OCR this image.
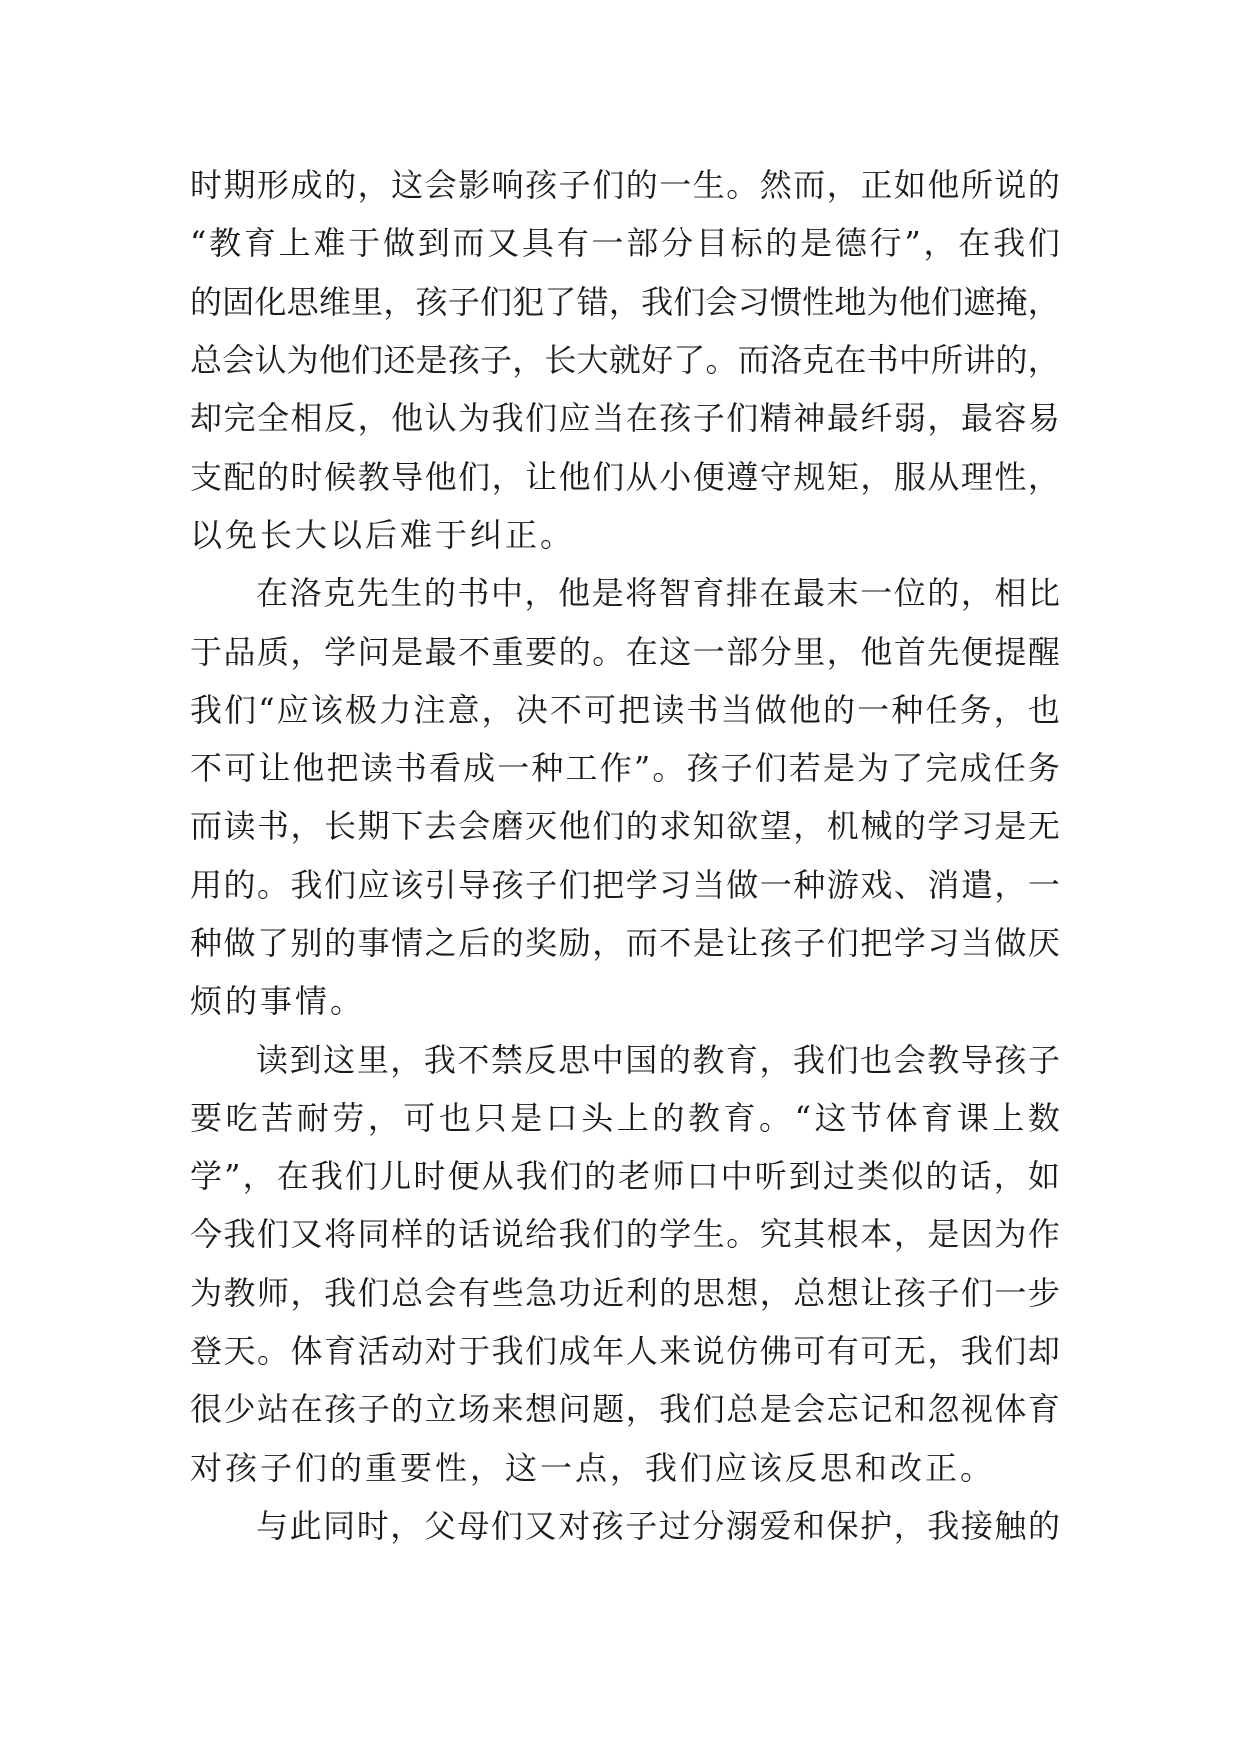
时 期 形 成 的 ， 这 会 影 响 孩 子 们 的 一 生 。 然 而 ， 正 如 他 所 说 的
“ 教 育 上 难 于 做 到 而 又 具 有 一 部 分 目 标 的 是 德 行 ” ， 在 我 们
的 固 化 思 维 里 ， 孩 子 们 犯 了 错 ， 我 们 会 习 惯 性 地 为 他 们 遮 掩 ，
总 会 认 为 他 们 还 是 孩 子 ， 长 大 就 好 了 。 而 洛 克 在 书 中 所 讲 的 ，
却 完 全 相 反 ， 他 认 为 我 们 应 当 在 孩 子 们 精 神 最 纤 弱 ， 最 容 易
支 配 的 时 候 教 导 他 们 ， 让 他 们 从 小 便 遵 守 规 矩 ， 服 从 理 性 ，
以免长大以后难于纠正。
在 洛 克 先 生 的 书 中 ， 他 是 将 智 育 排 在 最 末 一 位 的 ， 相 比
于 品 质 ， 学 问 是 最 不 重 要 的 。 在 这 一 部 分 里 ， 他 首 先 便 提 醒
我 们 “ 应 该 极 力 注 意 ， 决 不 可 把 读 书 当 做 他 的 一 种 任 务 ， 也
不 可 让 他 把 读 书 看 成 一 种 工 作 ” 。 孩 子 们 若 是 为 了 完 成 任 务
而 读 书 ， 长 期 下 去 会 磨 灭 他 们 的 求 知 欲 望 ， 机 械 的 学 习 是 无
用 的 。 我 们 应 该 引 导 孩 子 们 把 学 习 当 做 一 种 游 戏 、 消 遣 ， 一
种 做 了 别 的 事 情 之 后 的 奖 励 ， 而 不 是 让 孩 子 们 把 学 习 当 做 厌
烦的事情。
读 到 这 里 ， 我 不 禁 反 思 中 国 的 教 育 ， 我 们 也 会 教 导 孩 子
要 吃 苦 耐 劳 ， 可 也 只 是 口 头 上 的 教 育 。 “ 这 节 体 育 课 上 数
学 ” ， 在 我 们 儿 时 便 从 我 们 的 老 师 口 中 听 到 过 类 似 的 话 ， 如
今 我 们 又 将 同 样 的 话 说 给 我 们 的 学 生 。 究 其 根 本 ， 是 因 为 作
为 教 师 ， 我 们 总 会 有 些 急 功 近 利 的 思 想 ， 总 想 让 孩 子 们 一 步
登 天 。 体 育 活 动 对 于 我 们 成 年 人 来 说 仿 佛 可 有 可 无 ， 我 们 却
很 少 站 在 孩 子 的 立 场 来 想 问 题 ， 我 们 总 是 会 忘 记 和 忽 视 体 育
对孩子们的重要性，这一点，我们应该反思和改正。
与 此 同 时 ， 父 母 们 又 对 孩 子 过 分 溺 爱 和 保 护 ， 我 接 触 的
